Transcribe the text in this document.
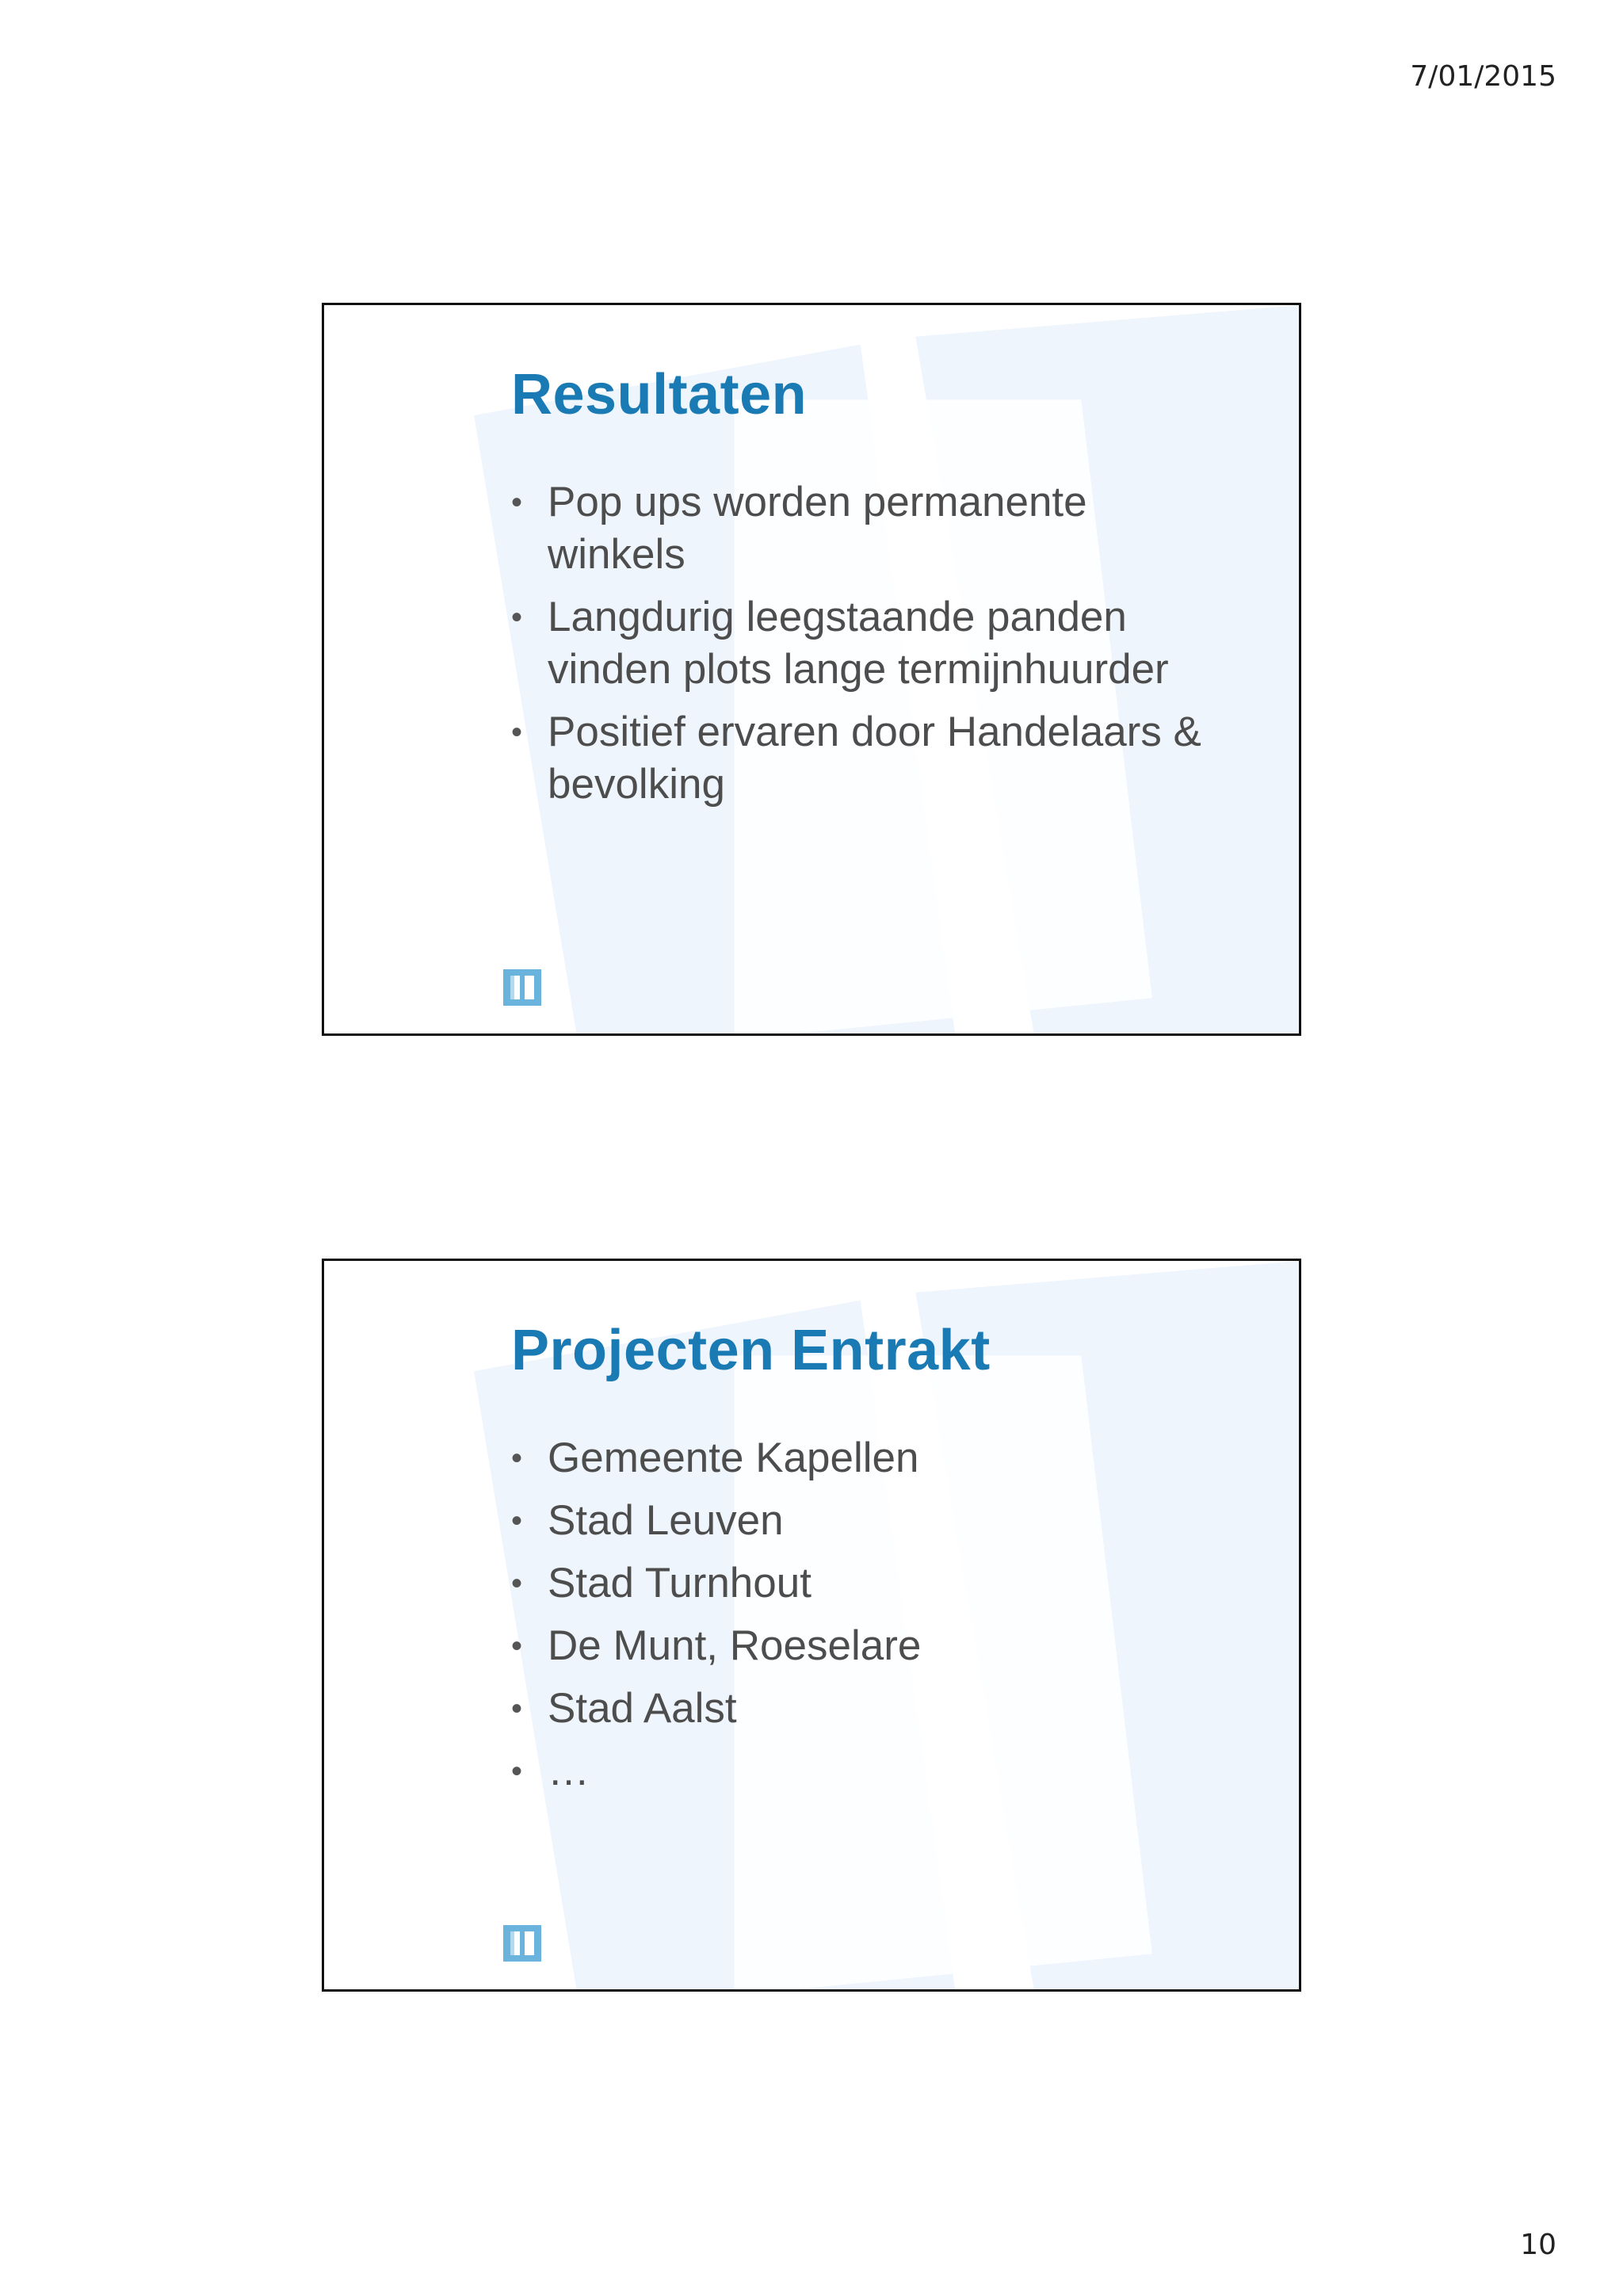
7/01/2015
Resultaten
• Pop ups worden permanente winkels
• Langdurig leegstaande panden vinden plots lange termijnhuurder
• Positief ervaren door Handelaars & bevolking
Projecten Entrakt
• Gemeente Kapellen
• Stad Leuven
• Stad Turnhout
• De Munt, Roeselare
• Stad Aalst
• …
10
